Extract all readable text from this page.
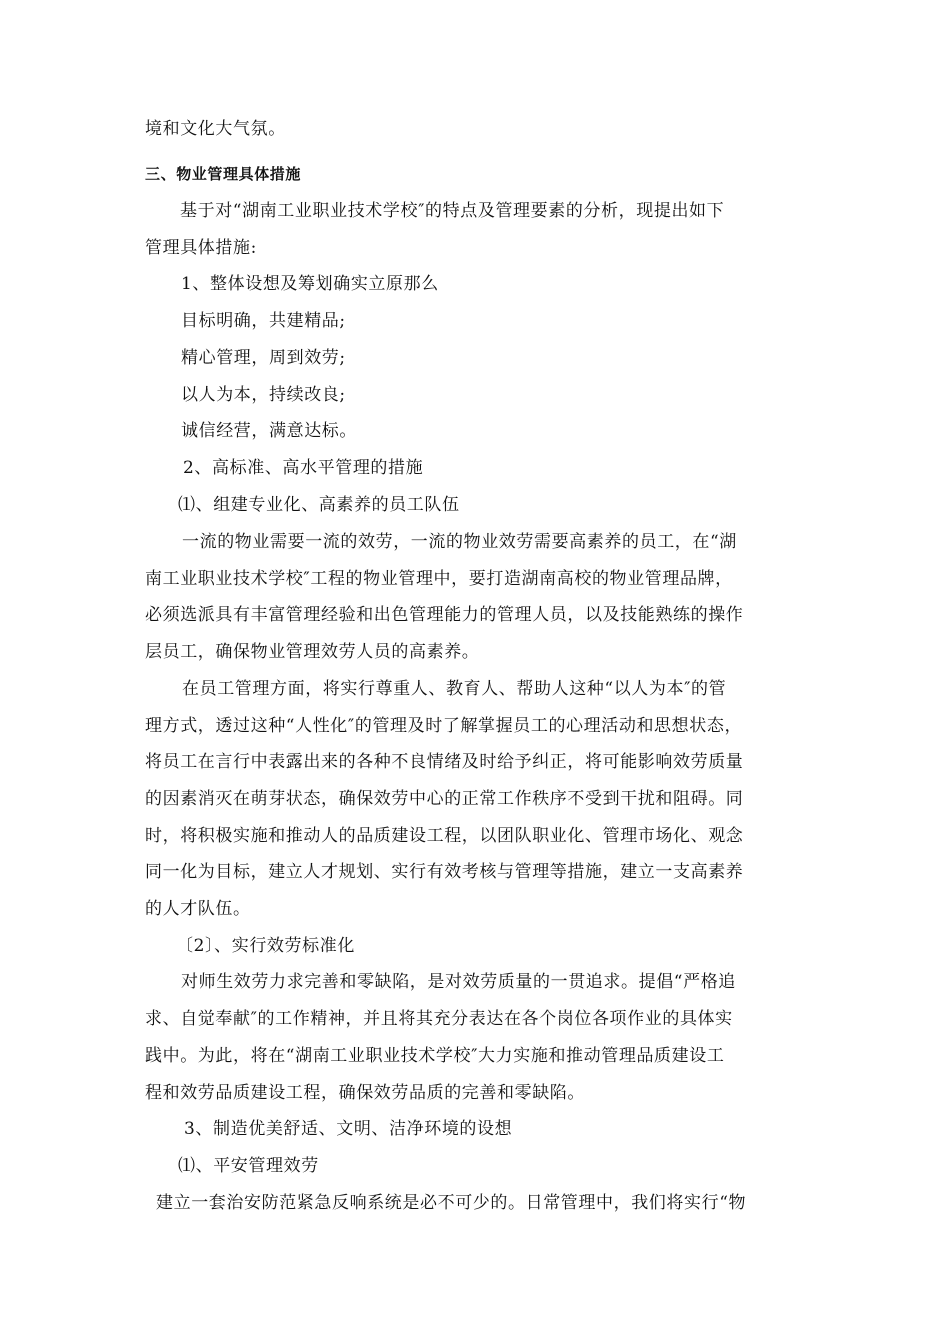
境和文化大气氛。
三、物业管理具体措施
基于对“湖南工业职业技术学校″的特点及管理要素的分析，现提出如下
管理具体措施:
1、整体设想及筹划确实立原那么
目标明确，共建精品;
精心管理，周到效劳;
以人为本，持续改良;
诚信经营，满意达标。
2、高标准、高水平管理的措施
⑴、组建专业化、高素养的员工队伍
一流的物业需要一流的效劳，一流的物业效劳需要高素养的员工，在“湖
南工业职业技术学校″工程的物业管理中，要打造湖南高校的物业管理品牌，
必须选派具有丰富管理经验和出色管理能力的管理人员，以及技能熟练的操作
层员工，确保物业管理效劳人员的高素养。
在员工管理方面，将实行尊重人、教育人、帮助人这种“以人为本″的管
理方式，透过这种“人性化″的管理及时了解掌握员工的心理活动和思想状态，
将员工在言行中表露出来的各种不良情绪及时给予纠正，将可能影响效劳质量
的因素消灭在萌芽状态，确保效劳中心的正常工作秩序不受到干扰和阻碍。同
时，将积极实施和推动人的品质建设工程，以团队职业化、管理市场化、观念
同一化为目标，建立人才规划、实行有效考核与管理等措施，建立一支高素养
的人才队伍。
〔2〕、实行效劳标准化
对师生效劳力求完善和零缺陷，是对效劳质量的一贯追求。提倡“严格追
求、自觉奉献″的工作精神，并且将其充分表达在各个岗位各项作业的具体实
践中。为此，将在“湖南工业职业技术学校″大力实施和推动管理品质建设工
程和效劳品质建设工程，确保效劳品质的完善和零缺陷。
3、制造优美舒适、文明、洁净环境的设想
⑴、平安管理效劳
建立一套治安防范紧急反响系统是必不可少的。日常管理中，我们将实行“物
